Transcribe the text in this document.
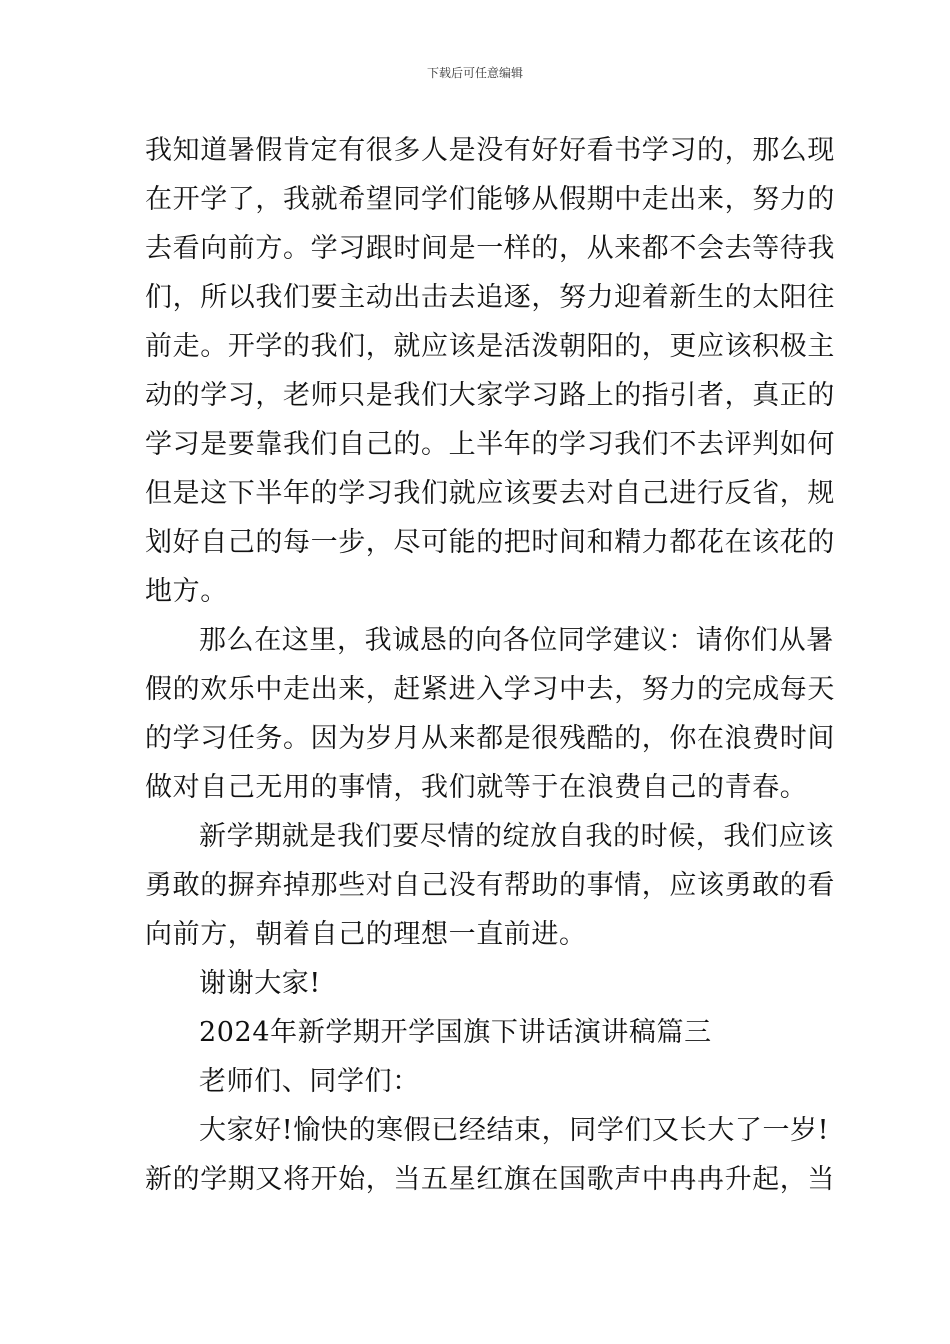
下载后可任意编辑
我知道暑假肯定有很多人是没有好好看书学习的，那么现
在开学了，我就希望同学们能够从假期中走出来，努力的
去看向前方。学习跟时间是一样的，从来都不会去等待我
们，所以我们要主动出击去追逐，努力迎着新生的太阳往
前走。开学的我们，就应该是活泼朝阳的，更应该积极主
动的学习，老师只是我们大家学习路上的指引者，真正的
学习是要靠我们自己的。上半年的学习我们不去评判如何
但是这下半年的学习我们就应该要去对自己进行反省，规
划好自己的每一步，尽可能的把时间和精力都花在该花的
地方。
那么在这里，我诚恳的向各位同学建议：请你们从暑
假的欢乐中走出来，赶紧进入学习中去，努力的完成每天
的学习任务。因为岁月从来都是很残酷的，你在浪费时间
做对自己无用的事情，我们就等于在浪费自己的青春。
新学期就是我们要尽情的绽放自我的时候，我们应该
勇敢的摒弃掉那些对自己没有帮助的事情，应该勇敢的看
向前方，朝着自己的理想一直前进。
谢谢大家!
2024年新学期开学国旗下讲话演讲稿篇三
老师们、同学们：
大家好!愉快的寒假已经结束，同学们又长大了一岁!
新的学期又将开始，当五星红旗在国歌声中冉冉升起，当
